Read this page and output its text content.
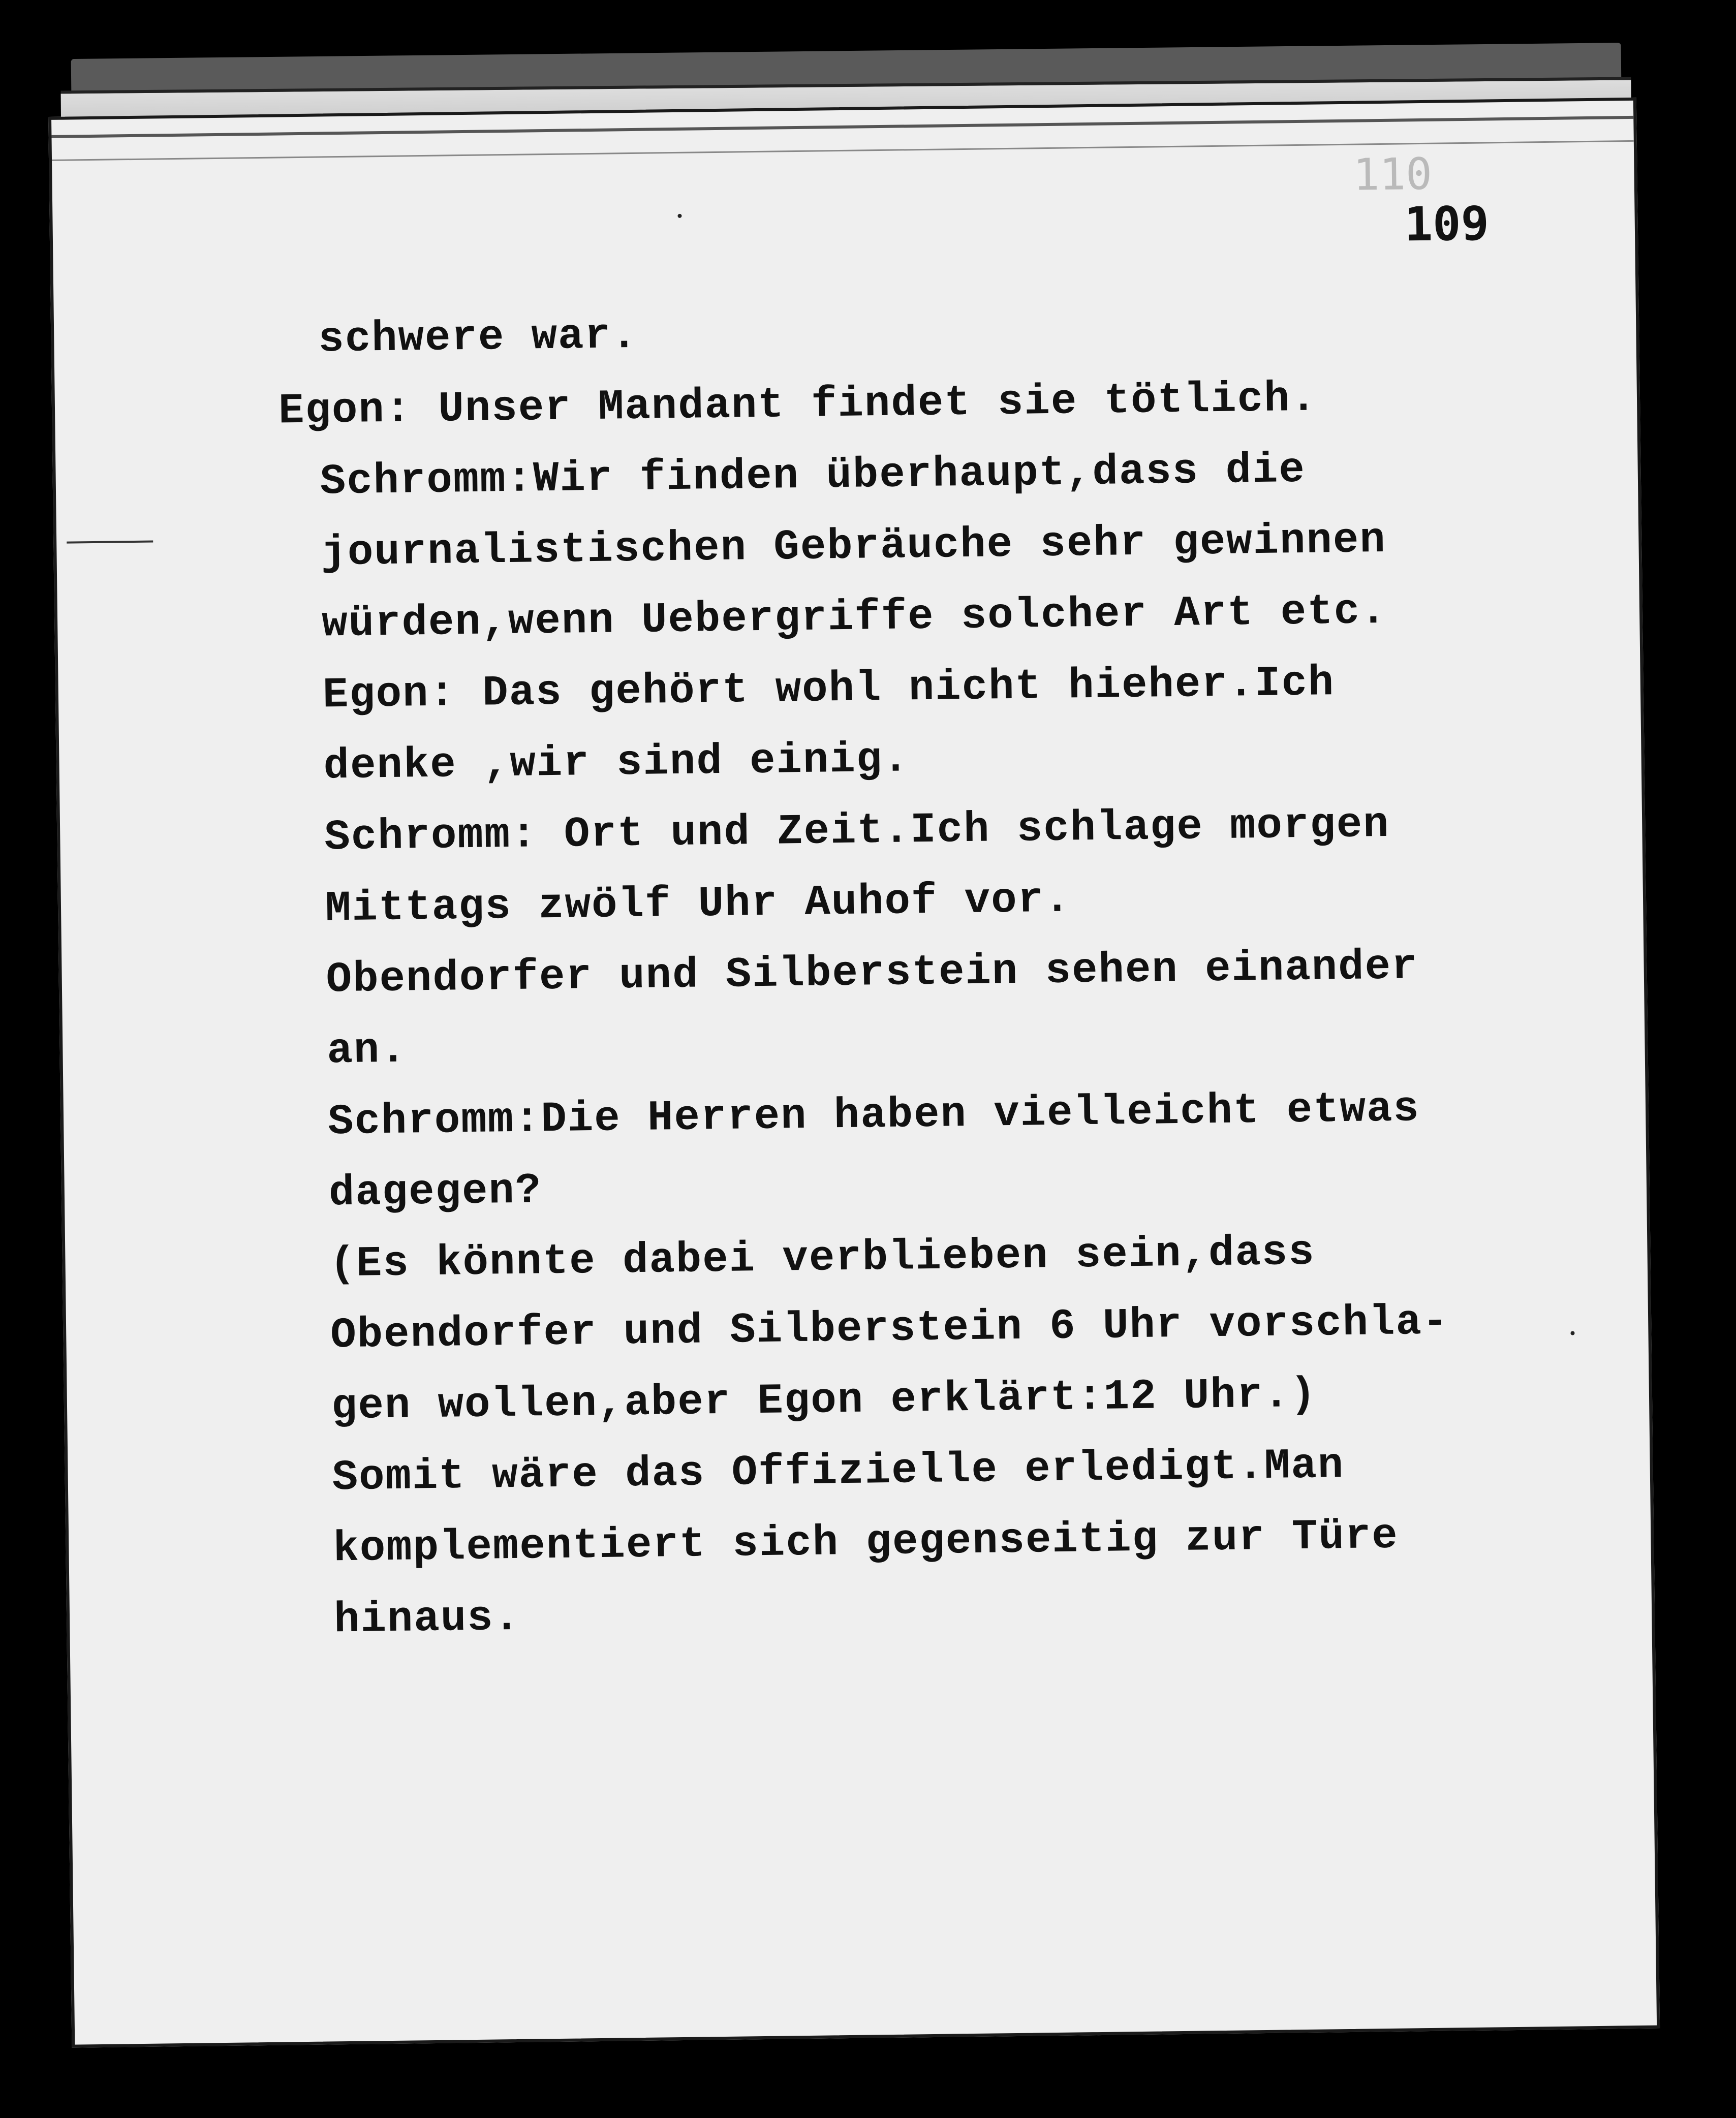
110
109
schwere war.
Egon: Unser Mandant findet sie tötlich.
Schromm:Wir finden überhaupt,dass die
journalistischen Gebräuche sehr gewinnen
würden,wenn Uebergriffe solcher Art etc.
Egon: Das gehört wohl nicht hieher.Ich
denke ,wir sind einig.
Schromm: Ort und Zeit.Ich schlage morgen
Mittags zwölf Uhr Auhof vor.
Obendorfer und Silberstein sehen einander
an.
Schromm:Die Herren haben vielleicht etwas
dagegen?
(Es könnte dabei verblieben sein,dass
Obendorfer und Silberstein 6 Uhr vorschla-
gen wollen,aber Egon erklärt:12 Uhr.)
Somit wäre das Offizielle erledigt.Man
komplementiert sich gegenseitig zur Türe
hinaus.
